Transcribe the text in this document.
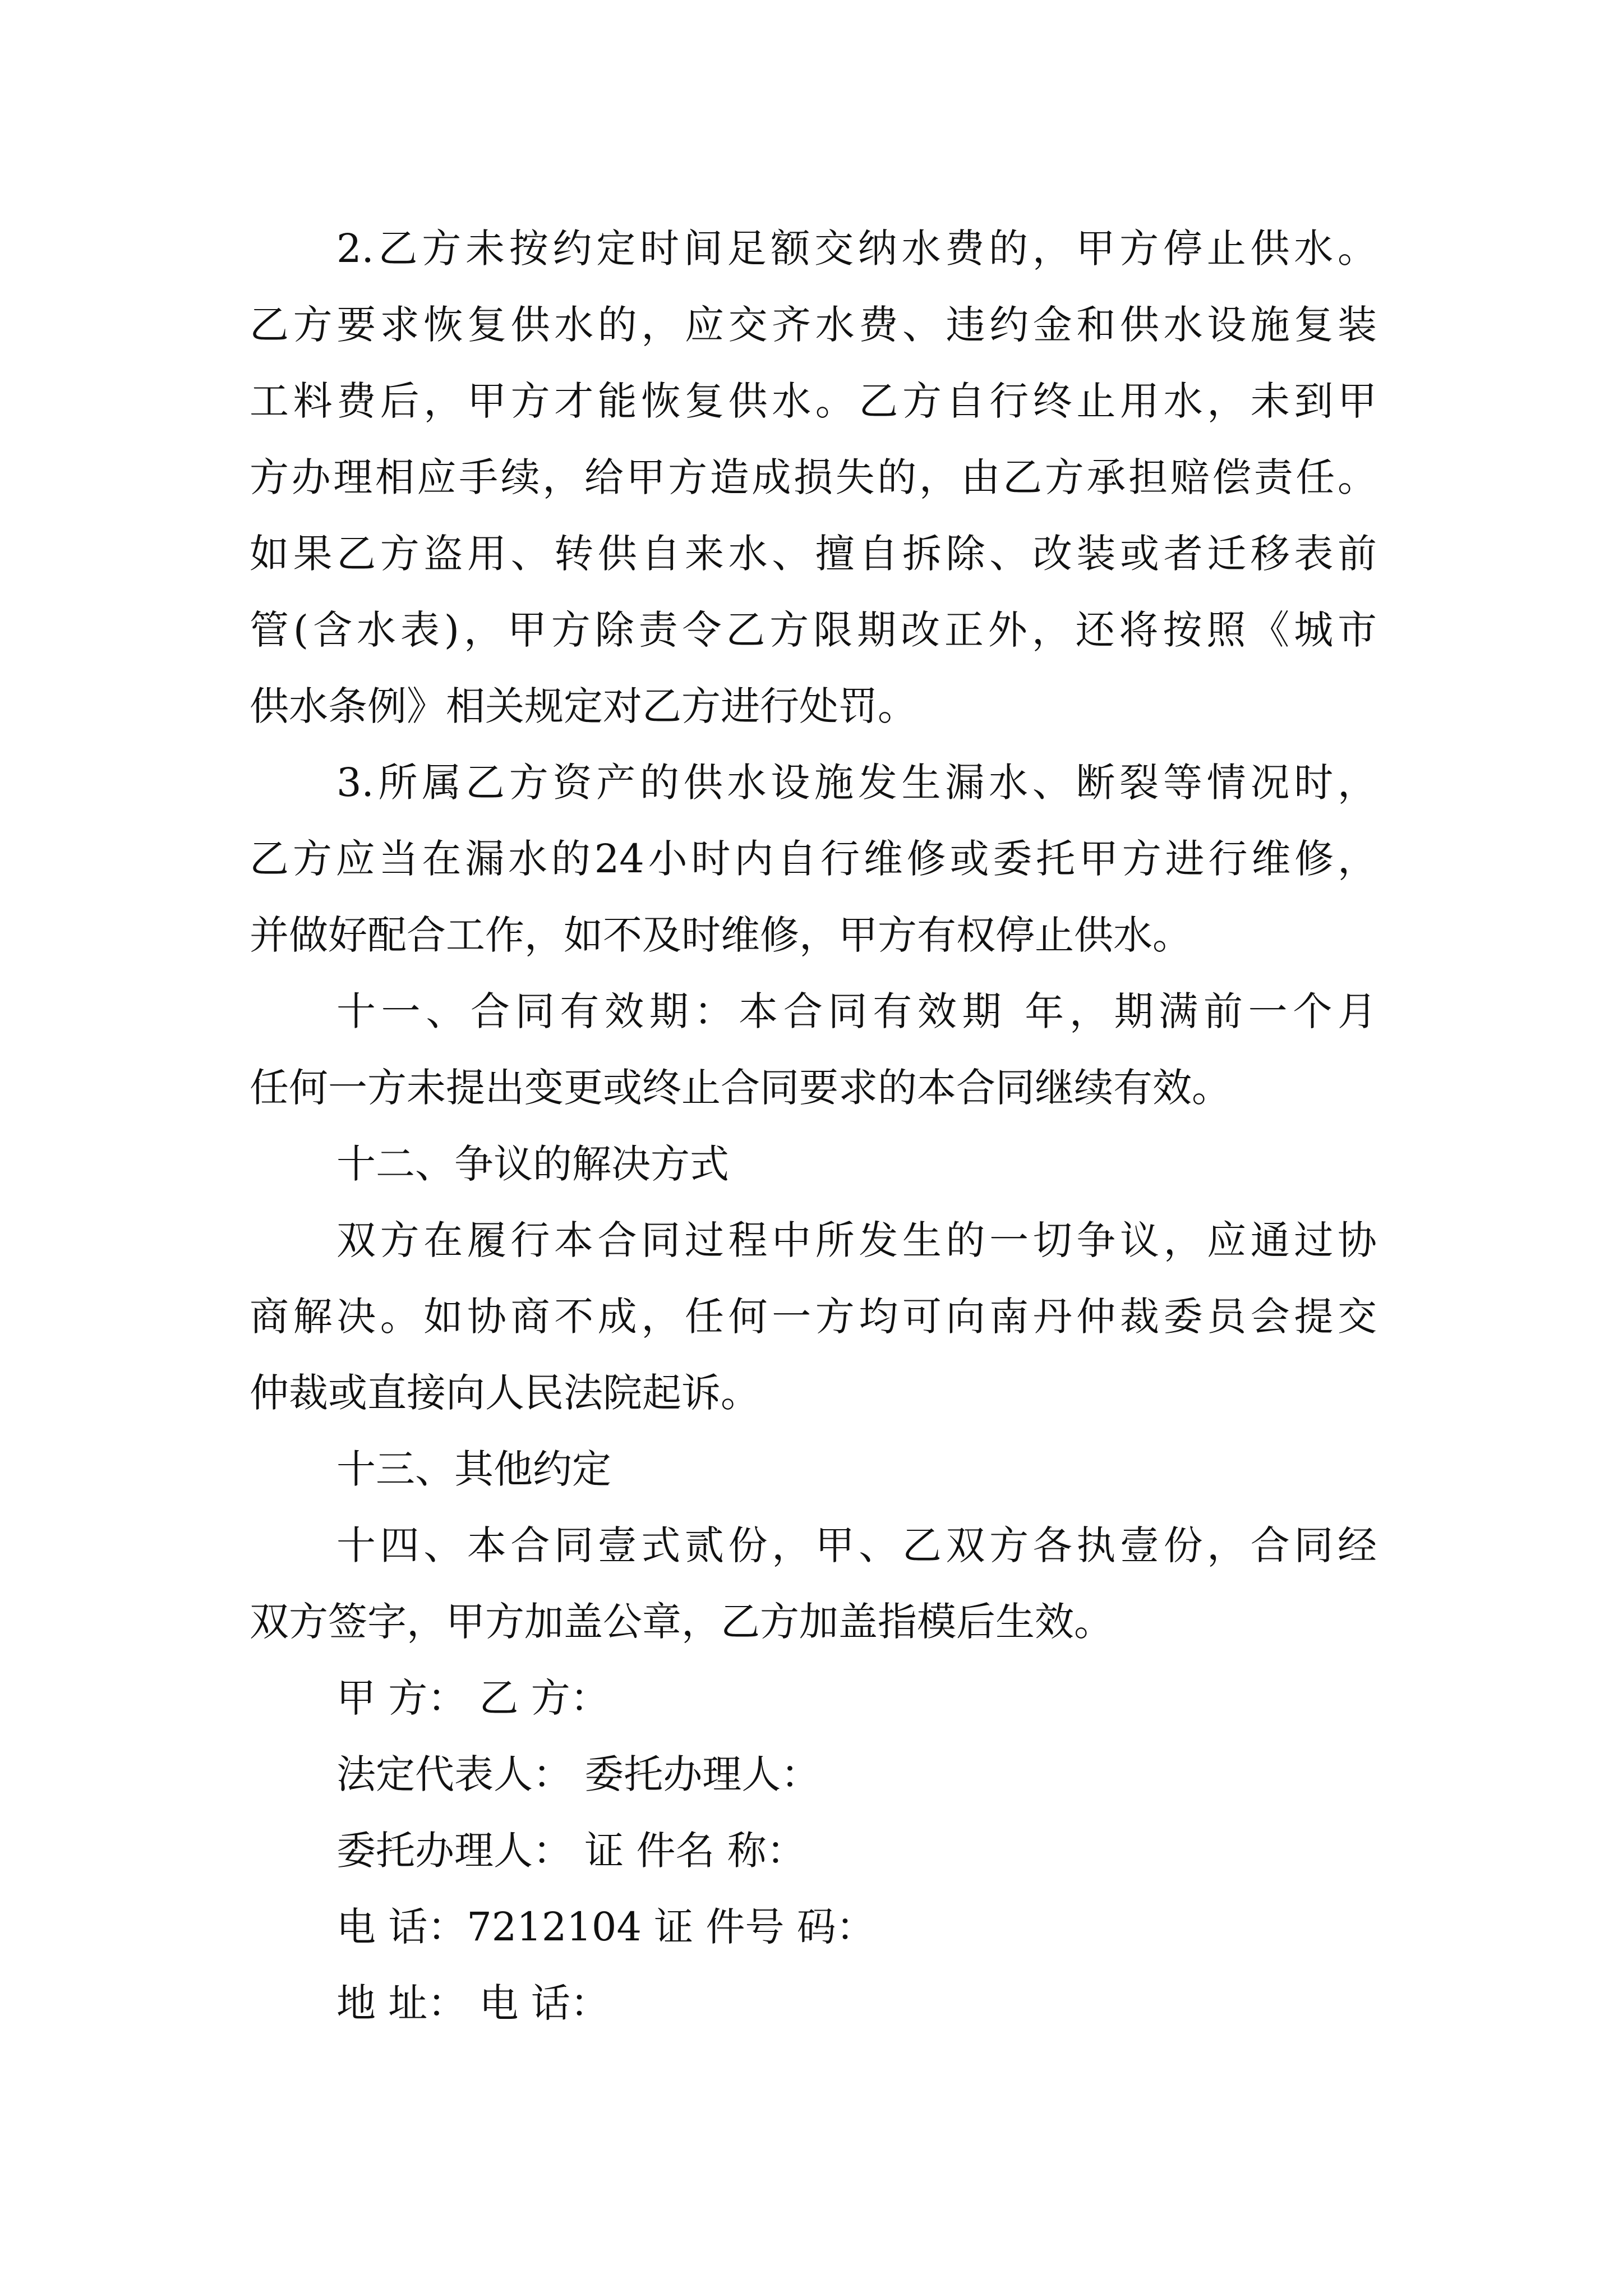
2.乙方未按约定时间足额交纳水费的，甲方停止供水。
乙方要求恢复供水的，应交齐水费、违约金和供水设施复装
工料费后，甲方才能恢复供水。乙方自行终止用水，未到甲
方办理相应手续，给甲方造成损失的，由乙方承担赔偿责任。
如果乙方盗用、转供自来水、擅自拆除、改装或者迁移表前
管(含水表)，甲方除责令乙方限期改正外，还将按照《城市
供水条例》相关规定对乙方进行处罚。
3.所属乙方资产的供水设施发生漏水、断裂等情况时，
乙方应当在漏水的24小时内自行维修或委托甲方进行维修，
并做好配合工作，如不及时维修，甲方有权停止供水。
十一、合同有效期：本合同有效期 年，期满前一个月
任何一方未提出变更或终止合同要求的本合同继续有效。
十二、争议的解决方式
双方在履行本合同过程中所发生的一切争议，应通过协
商解决。如协商不成，任何一方均可向南丹仲裁委员会提交
仲裁或直接向人民法院起诉。
十三、其他约定
十四、本合同壹式贰份，甲、乙双方各执壹份，合同经
双方签字，甲方加盖公章，乙方加盖指模后生效。
甲 方： 乙 方：
法定代表人： 委托办理人：
委托办理人： 证 件名 称：
电 话：7212104 证 件号 码：
地 址： 电 话：
